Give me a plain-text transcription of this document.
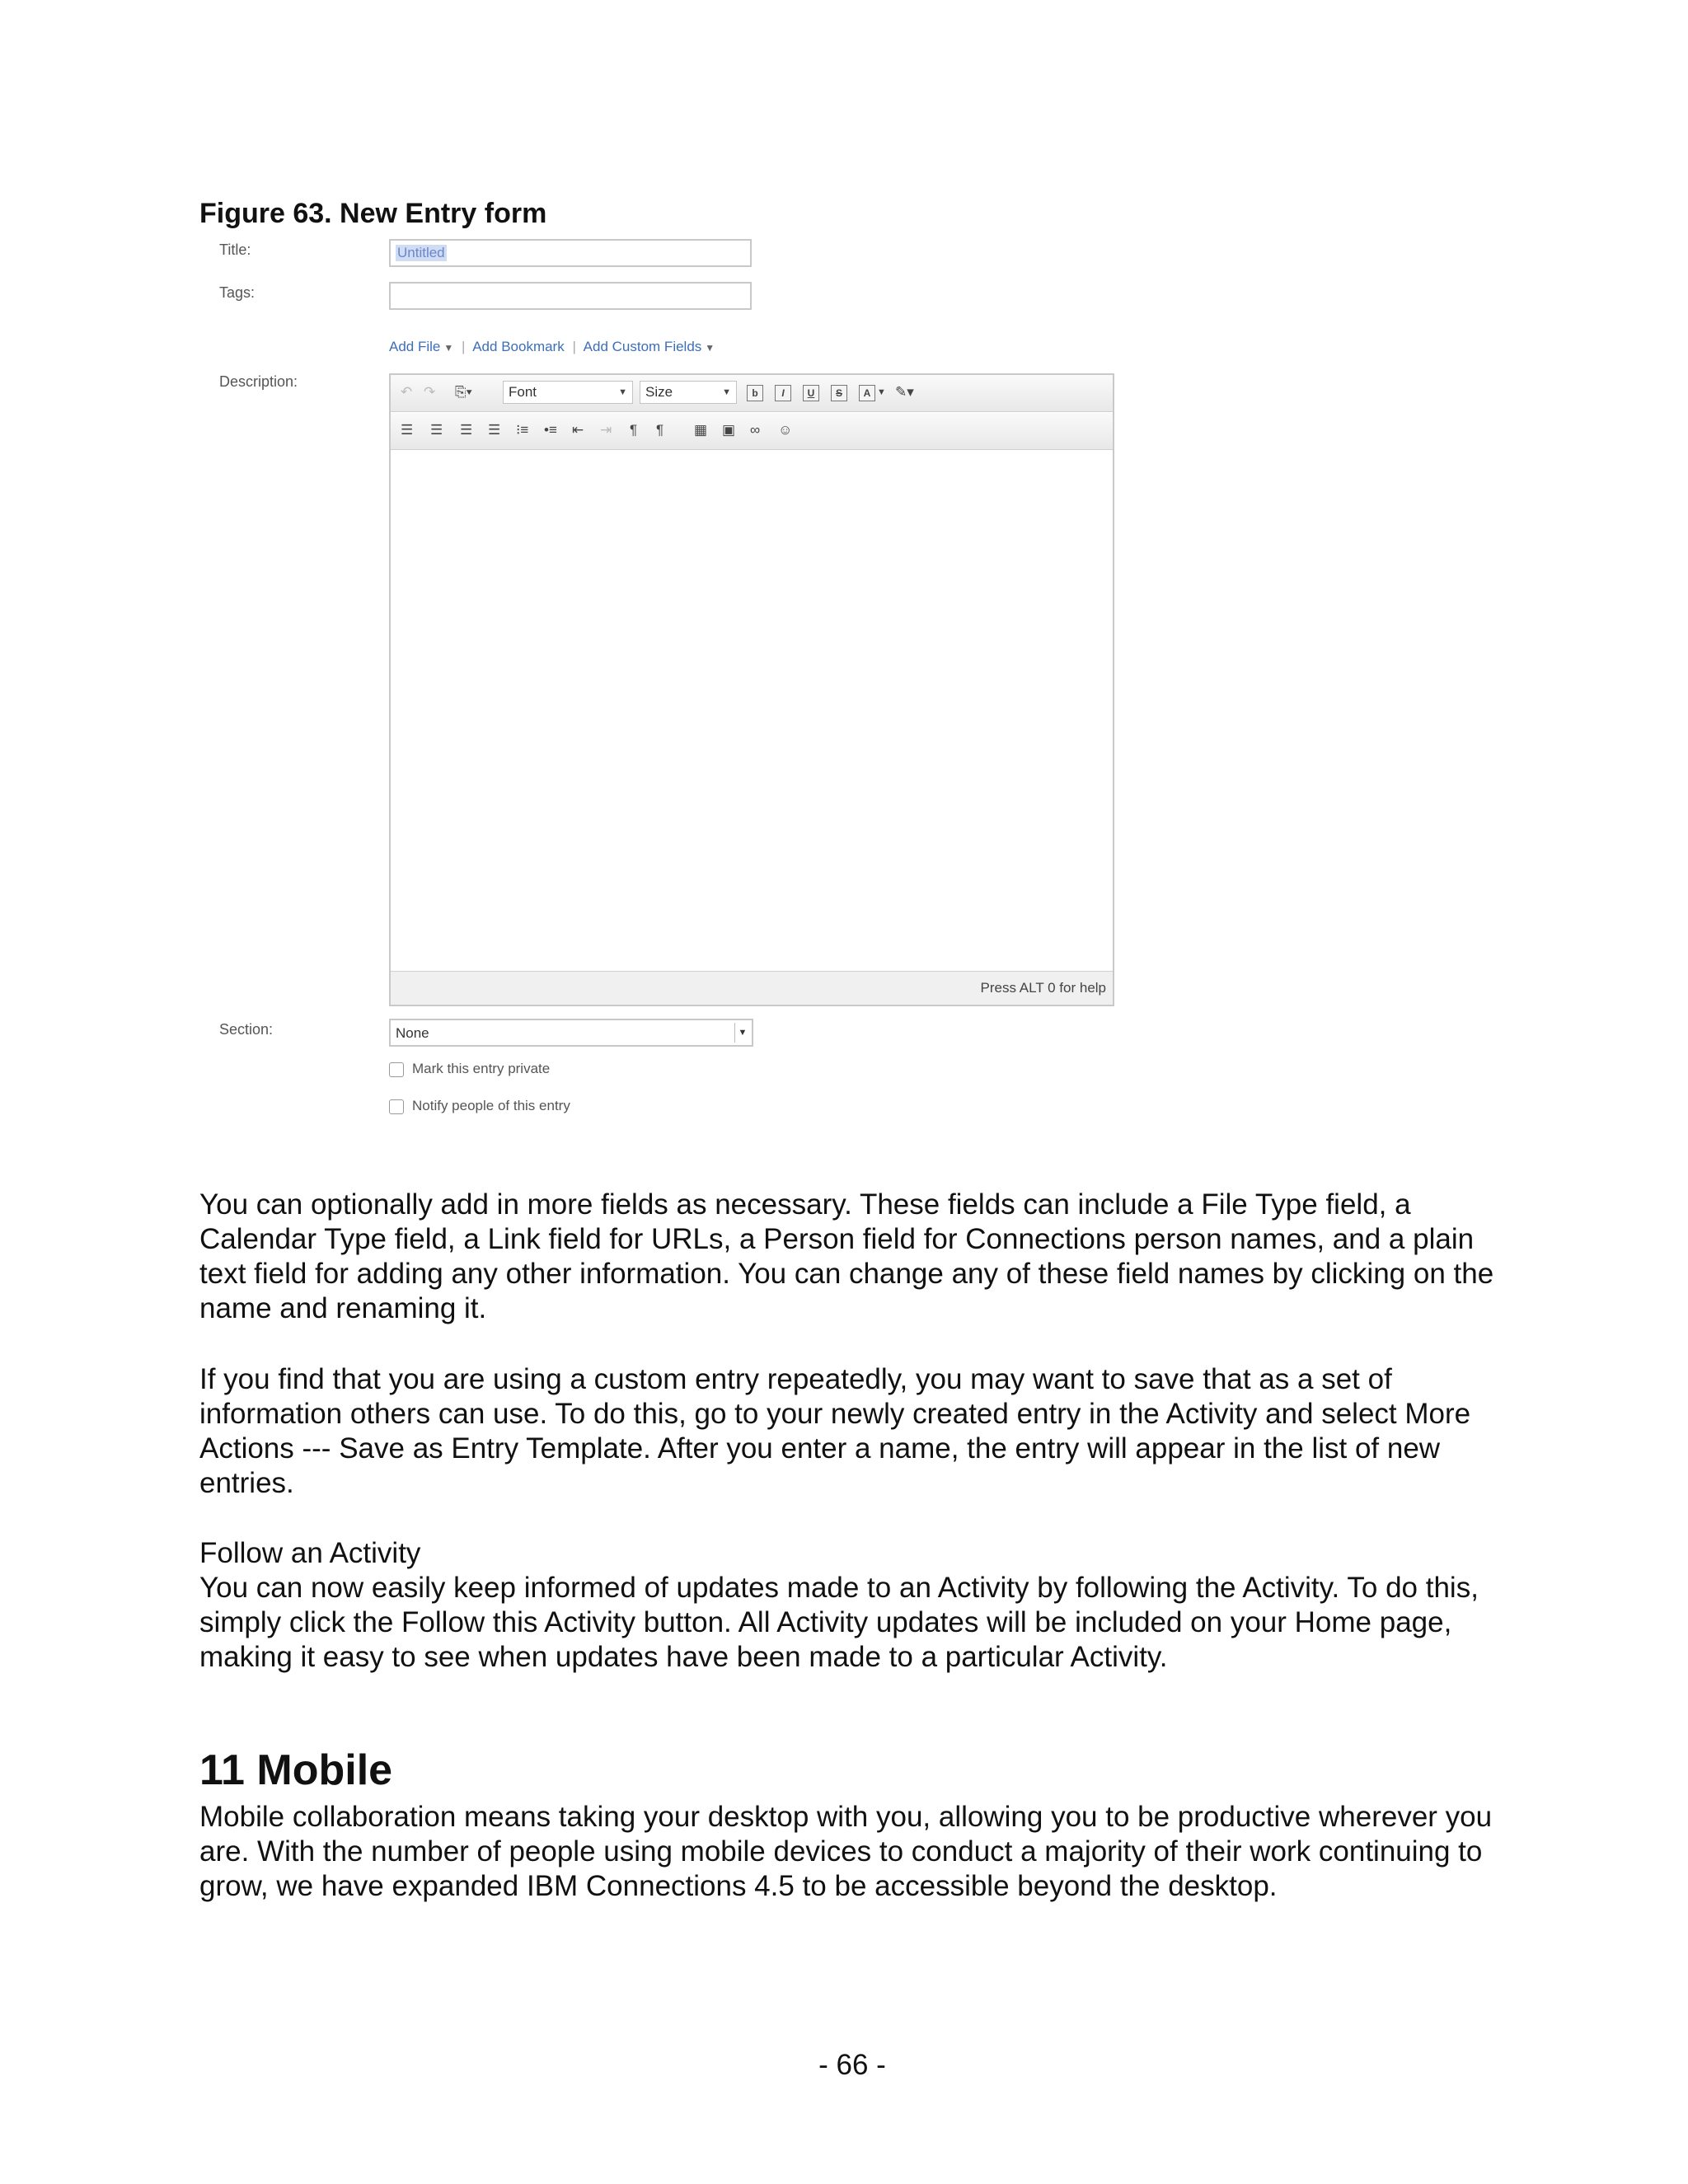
Figure 63. New Entry form
Title:	Untitled
Tags:
Add File ▼ | Add Bookmark | Add Custom Fields ▼
Description:
↶ ↷ ⎘▾	Font	▼	Size	▼	b	I	U	S	A ▼ ✎▾
☰ ☰ ☰ ☰ ⁝≡ •≡ ⇤ ⇥ ¶ ¶ ▦ ▣ ∞ ☺
Press ALT 0 for help
Section:	None	▼
Mark this entry private
Notify people of this entry

You can optionally add in more fields as necessary. These fields can include a File Type field, a Calendar Type field, a Link field for URLs, a Person field for Connections person names, and a plain text field for adding any other information. You can change any of these field names by clicking on the name and renaming it.

If you find that you are using a custom entry repeatedly, you may want to save that as a set of information others can use. To do this, go to your newly created entry in the Activity and select More Actions --- Save as Entry Template. After you enter a name, the entry will appear in the list of new entries.

Follow an Activity

You can now easily keep informed of updates made to an Activity by following the Activity. To do this, simply click the Follow this Activity button. All Activity updates will be included on your Home page, making it easy to see when updates have been made to a particular Activity.

11 Mobile

Mobile collaboration means taking your desktop with you, allowing you to be productive wherever you are. With the number of people using mobile devices to conduct a majority of their work continuing to grow, we have expanded IBM Connections 4.5 to be accessible beyond the desktop.

- 66 -
